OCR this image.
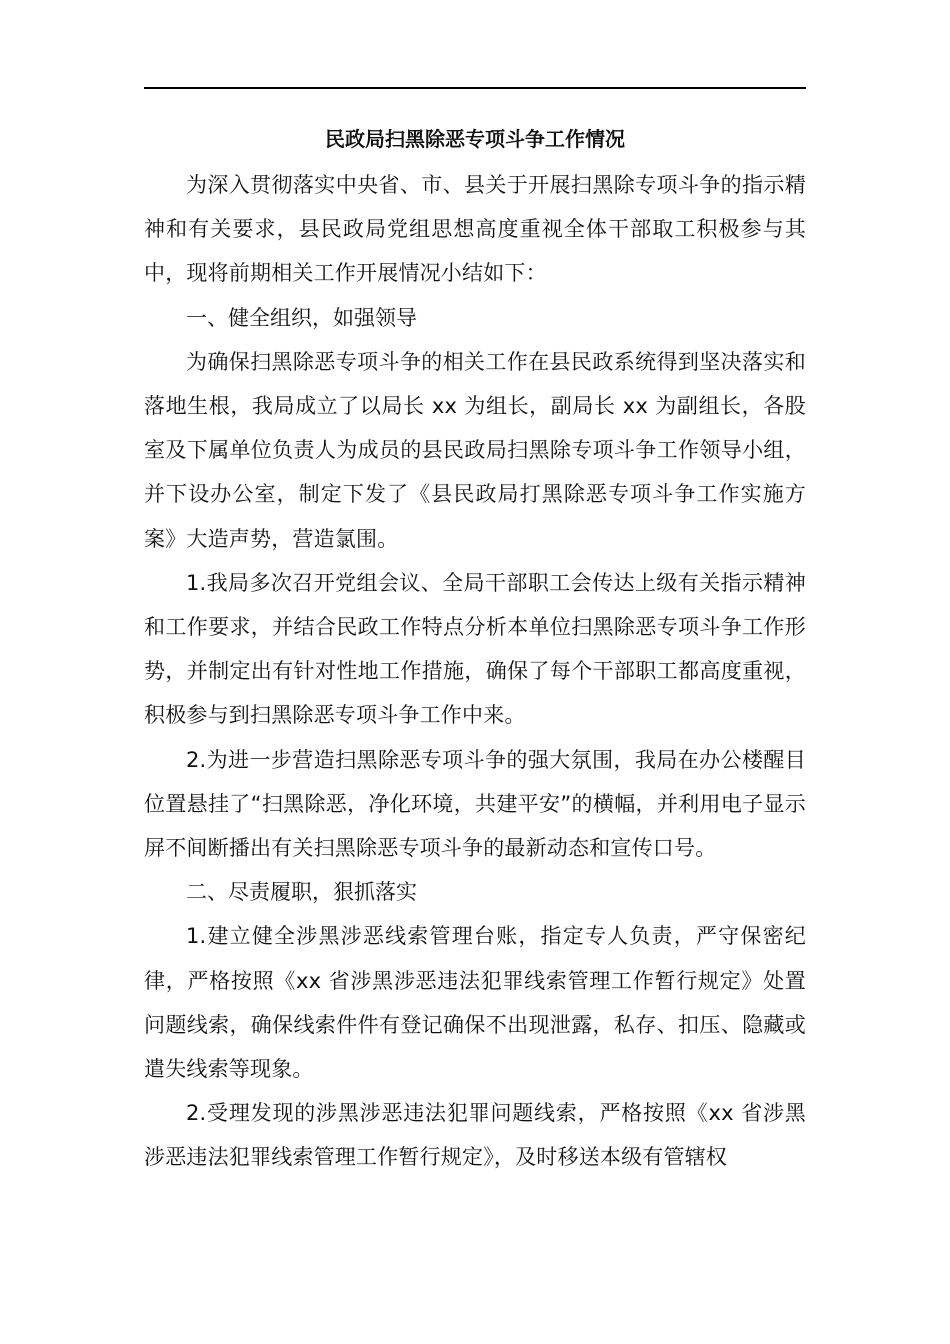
民政局扫黑除恶专项斗争工作情况

为深入贯彻落实中央省、市、县关于开展扫黑除专项斗争的指示精神和有关要求，县民政局党组思想高度重视全体干部取工积极参与其中，现将前期相关工作开展情况小结如下：

一、健全组织，如强领导

为确保扫黑除恶专项斗争的相关工作在县民政系统得到坚决落实和落地生根，我局成立了以局长 xx 为组长，副局长 xx 为副组长，各股室及下属单位负责人为成员的县民政局扫黑除专项斗争工作领导小组，并下设办公室，制定下发了《县民政局打黑除恶专项斗争工作实施方案》大造声势，营造氯围。

1.我局多次召开党组会议、全局干部职工会传达上级有关指示精神和工作要求，并结合民政工作特点分析本单位扫黑除恶专项斗争工作形势，并制定出有针对性地工作措施，确保了每个干部职工都高度重视，积极参与到扫黑除恶专项斗争工作中来。

2.为进一步营造扫黑除恶专项斗争的强大氛围，我局在办公楼醒目位置悬挂了“扫黑除恶，净化环境，共建平安”的横幅，并利用电子显示屏不间断播出有关扫黑除恶专项斗争的最新动态和宣传口号。

二、尽责履职，狠抓落实

1.建立健全涉黑涉恶线索管理台账，指定专人负责，严守保密纪律，严格按照《xx 省涉黑涉恶违法犯罪线索管理工作暂行规定》处置问题线索，确保线索件件有登记确保不出现泄露，私存、扣压、隐藏或遣失线索等现象。

2.受理发现的涉黑涉恶违法犯罪问题线索，严格按照《xx 省涉黑涉恶违法犯罪线索管理工作暂行规定》，及时移送本级有管辖权
